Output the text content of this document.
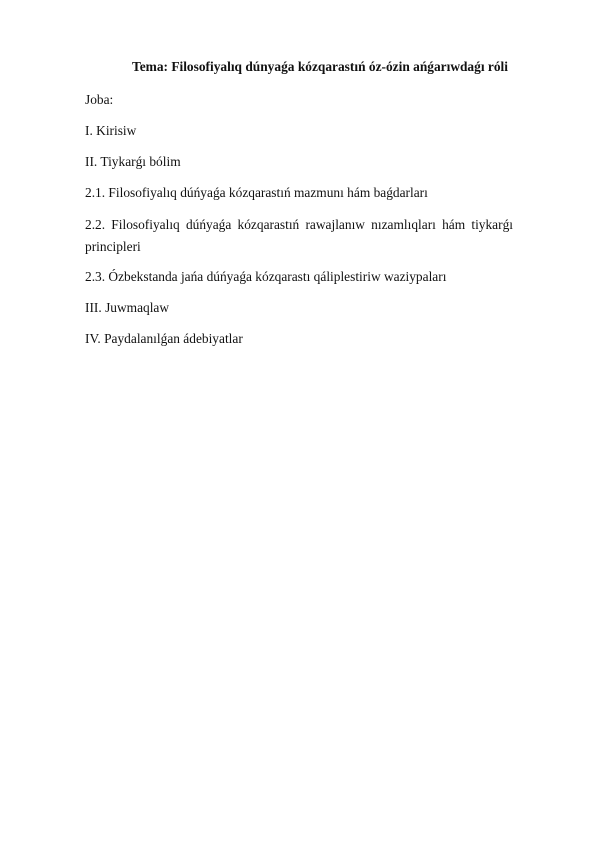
Tema: Filosofiyalıq dúnyaǵa kózqarastıń óz-ózin ańǵarıwdaǵı róli

Joba:

I. Kirisiw

II. Tiykarǵı bólim

2.1. Filosofiyalıq dúńyaǵa kózqarastıń mazmunı hám baǵdarları

2.2. Filosofiyalıq dúńyaǵa kózqarastıń rawajlanıw nızamlıqları hám tiykarǵı
principleri

2.3. Ózbekstanda jańa dúńyaǵa kózqarastı qáliplestiriw waziypaları

III. Juwmaqlaw

IV. Paydalanılǵan ádebiyatlar
